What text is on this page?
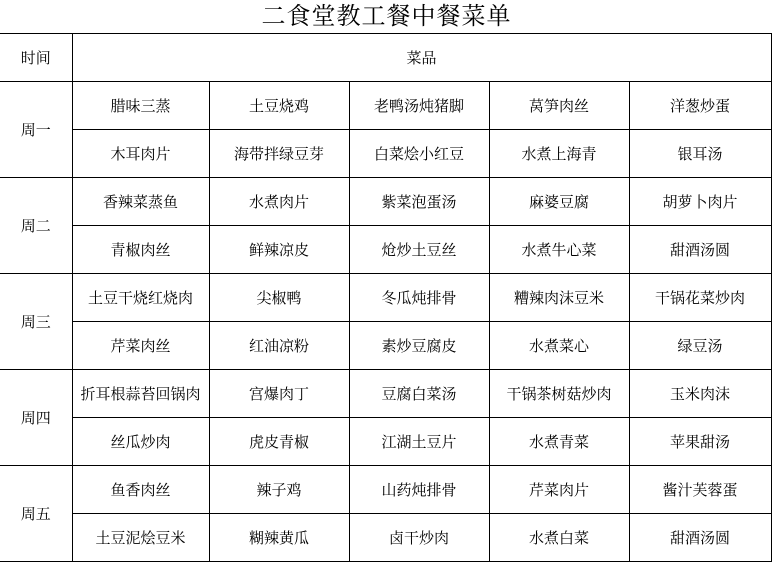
二食堂教工餐中餐菜单
时间	菜品				
周一	腊味三蒸	土豆烧鸡	老鸭汤炖猪脚	莴笋肉丝	洋葱炒蛋
	木耳肉片	海带拌绿豆芽	白菜烩小红豆	水煮上海青	银耳汤
周二	香辣菜蒸鱼	水煮肉片	紫菜泡蛋汤	麻婆豆腐	胡萝卜肉片
	青椒肉丝	鲜辣凉皮	炝炒土豆丝	水煮牛心菜	甜酒汤圆
周三	土豆干烧红烧肉	尖椒鸭	冬瓜炖排骨	糟辣肉沫豆米	干锅花菜炒肉
	芹菜肉丝	红油凉粉	素炒豆腐皮	水煮菜心	绿豆汤
周四	折耳根蒜苔回锅肉	宫爆肉丁	豆腐白菜汤	干锅茶树菇炒肉	玉米肉沫
	丝瓜炒肉	虎皮青椒	江湖土豆片	水煮青菜	苹果甜汤
周五	鱼香肉丝	辣子鸡	山药炖排骨	芹菜肉片	酱汁芙蓉蛋
	土豆泥烩豆米	糊辣黄瓜	卤干炒肉	水煮白菜	甜酒汤圆
